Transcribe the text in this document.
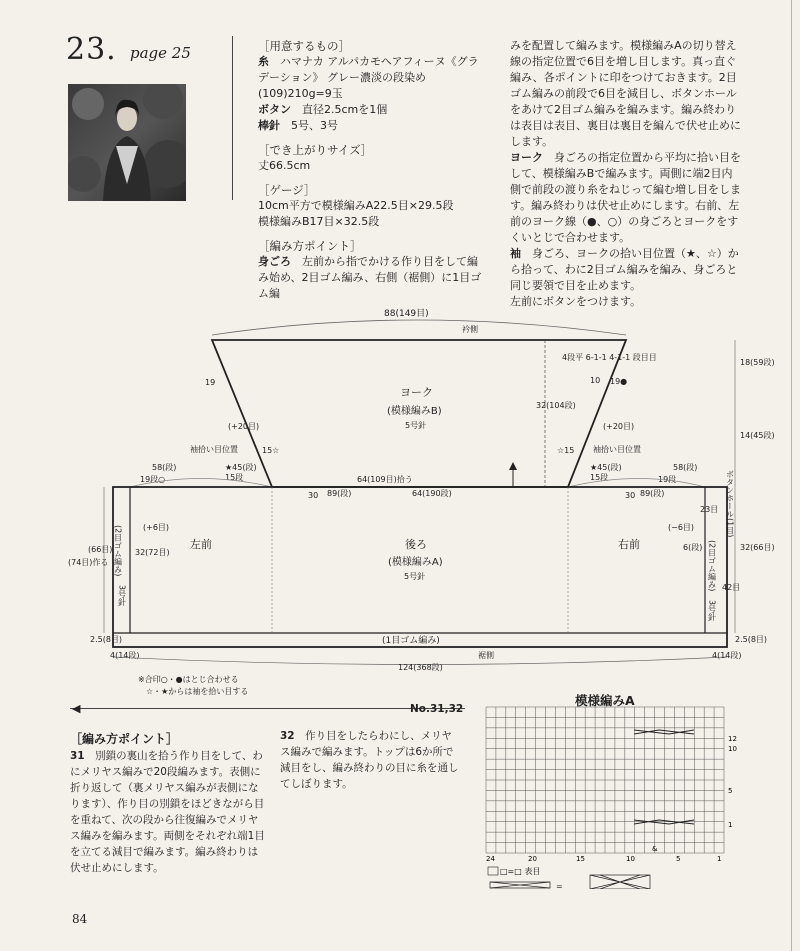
23. page 25	［用意するもの］

糸　 ハマナカ アルパカモヘアフィーヌ《グラデーション》 グレー濃淡の段染め(109)210g=9玉

ボタン　 直径2.5cmを1個

棒針　 5号、3号

［でき上がりサイズ］

丈66.5cm

［ゲージ］

10cm平方で模様編みA22.5目×29.5段

模様編みB17目×32.5段

［編み方ポイント］

身ごろ　 左前から指でかける作り目をして編み始め、2目ゴム編み、右側（裾側）に1目ゴム編

みを配置して編みます。模様編みAの切り替え線の指定位置で6目を増し目します。真っ直ぐ編み、各ポイントに印をつけておきます。2目ゴム編みの前段で6目を減目し、ボタンホールをあけて2目ゴム編みを編みます。編み終わりは表目は表目、裏目は裏目を編んで伏せ止めにします。

ヨーク　 身ごろの指定位置から平均に拾い目をして、模様編みBで編みます。両側に端2目内側で前段の渡り糸をねじって編む増し目をします。編み終わりは伏せ止めにします。右前、左前のヨーク線（●、○）の身ごろとヨークをすくいとじで合わせます。

袖　 身ごろ、ヨークの拾い目位置（★、☆）から拾って、わに2目ゴム編みを編み、身ごろと同じ要領で目を止めます。

左前にボタンをつけます。

88(149目)
衿側
ヨーク
(模様編みB)
5号針
32(104段)
4段平 6-1-1 4-1-1 段目目
10 19●
19
(+20目)	(+20目)
袖拾い目位置	袖拾い目位置
15☆	☆15
★45(段)	★45(段)
58(段)	58(段)
19段○	19段
15段	15段
64(109目)拾う
64(190段)
30 89(段)	30 89(段)
左前	後ろ
(模様編みA)
5号針
右前
(+6目)	(−6目)
6(段)
23目
42目
(2目ゴム編み)
3号針
(2目ゴム編み)
3号針
(1目ゴム編み)
(66目)
(74目)作る
32(72目)
2.5(8目)
4(14段)
18(59段)
14(45段)
ボタンホール(1目)
32(66目)
2.5(8目)
4(14段)
124(368段)
裾側
※合印○・●はとじ合わせる
☆・★からは袖を拾い目する
◀	No.31,32
［編み方ポイント］
31　 別鎖の裏山を拾う作り目をして、わにメリヤス編みで20段編みます。表側に折り返して（裏メリヤス編みが表側になります）、作り目の別鎖をほどきながら目を重ねて、次の段から往復編みでメリヤス編みを編みます。両側をそれぞれ端1目を立てる減目で編みます。編み終わりは伏せ止めにします。
32　 作り目をしたらわにし、メリヤス編みで編みます。トップは6か所で減目をし、編み終わりの目に糸を通してしぼります。
模様編みA
12
10
5
1
24	20	15	10
&
5	1
□=□ 表目
=
84
